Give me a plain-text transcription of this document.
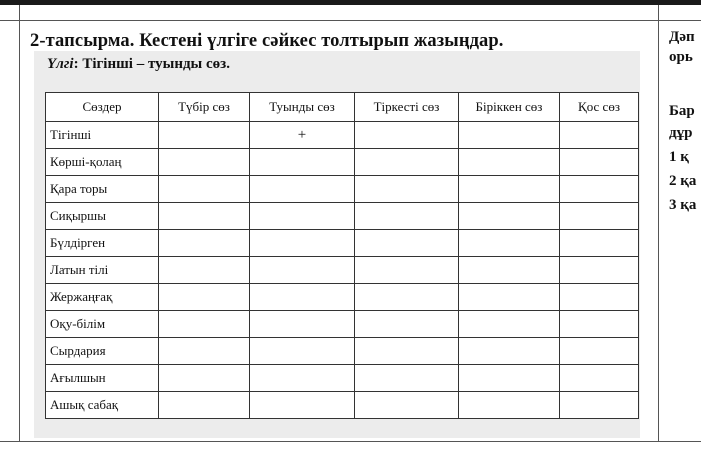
2-тапсырма. Кестені үлгіге сәйкес толтырып жазыңдар.
Үлгі: Тігінші – туынды сөз.
Сөздер	Түбір сөз	Туынды сөз	Тіркесті сөз	Біріккен сөз	Қос сөз
Тігінші		+			
Көрші-қолаң					
Қара торы					
Сиқыршы					
Бүлдірген					
Латын тілі					
Жержаңғақ					
Оқу-білім					
Сырдария					
Ағылшын					
Ашық сабақ					
Дәп
орь
Бар
дұр
1 қ
2 қа
3 қа
